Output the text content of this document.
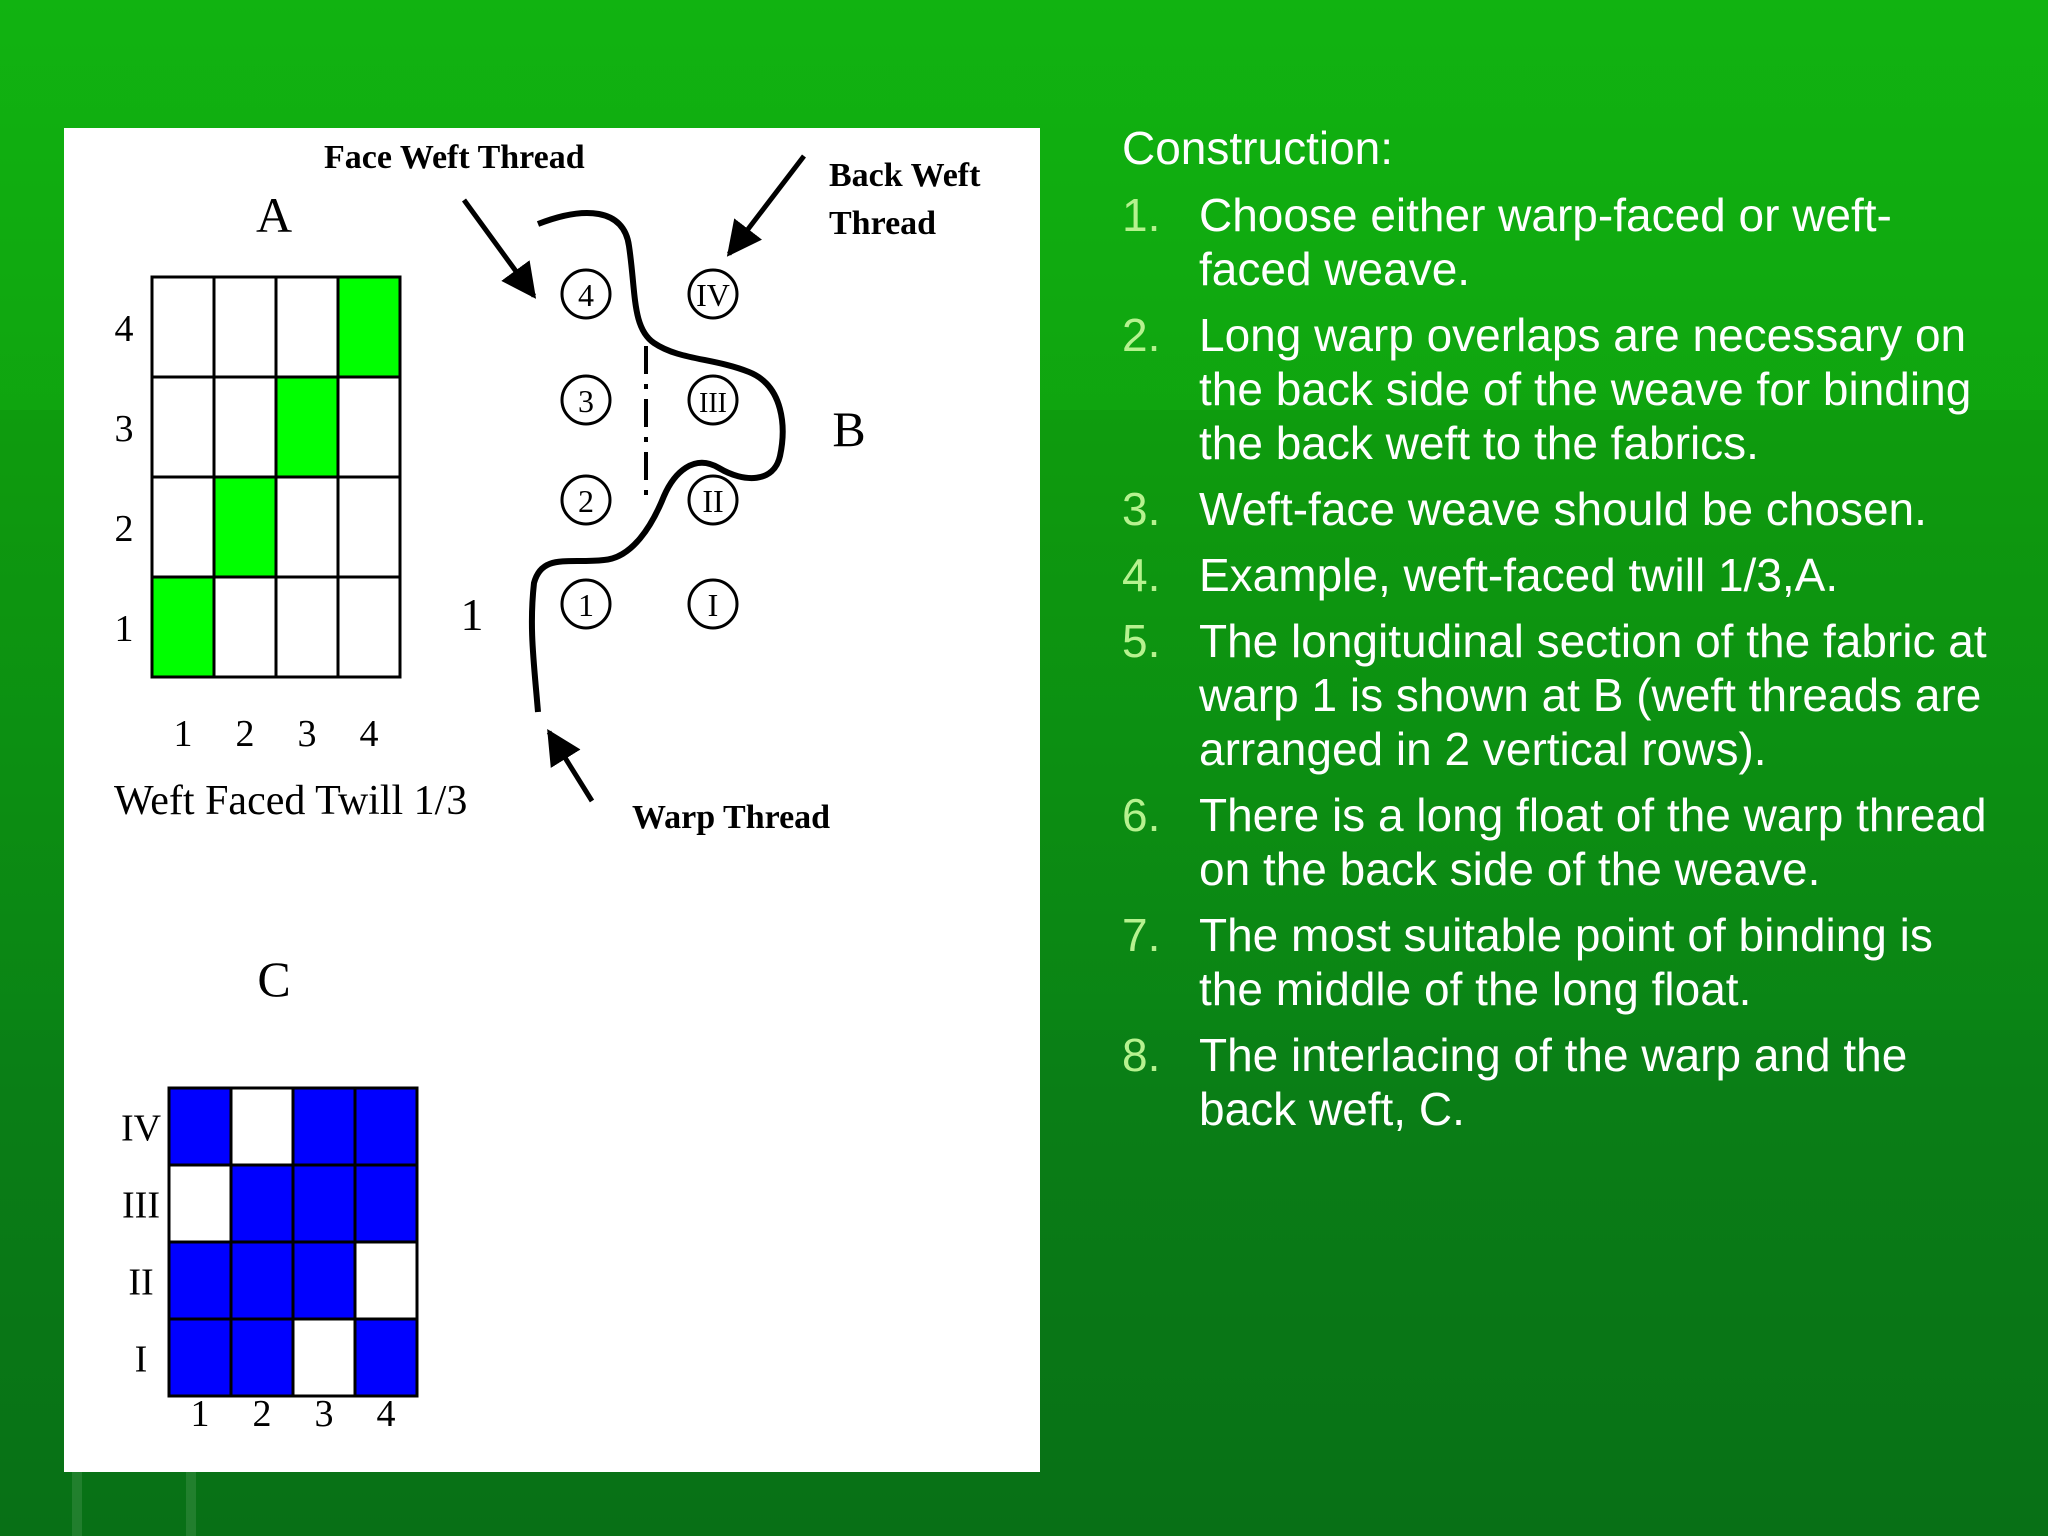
Face Weft Thread	Back Weft
Thread
Warp Thread
A
B
C
1
Weft Faced Twill 1/3
4
3
2
1
1 2 3 4
IV
III
II
I
1 2 3 4
4
3
2
1
IV
III
II
I
Construction:
1. Choose either warp-faced or weft-faced weave.
2. Long warp overlaps are necessary on the back side of the weave for binding the back weft to the fabrics.
3. Weft-face weave should be chosen.
4. Example, weft-faced twill 1/3,A.
5. The longitudinal section of the fabric at warp 1 is shown at B (weft threads are arranged in 2 vertical rows).
6. There is a long float of the warp thread on the back side of the weave.
7. The most suitable point of binding is the middle of the long float.
8. The interlacing of the warp and the back weft, C.
